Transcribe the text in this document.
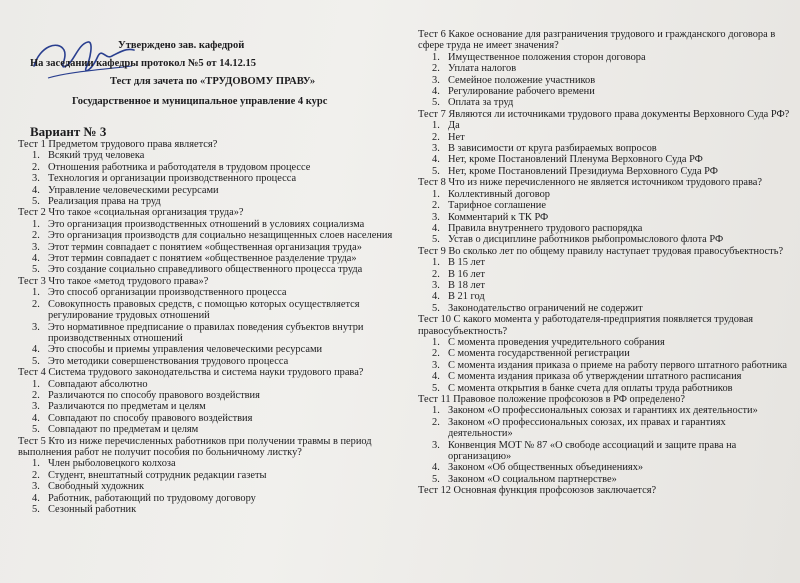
Утверждено зав. кафедрой
На заседании кафедры протокол №5 от 14.12.15
Тест для зачета по «ТРУДОВОМУ ПРАВУ»
Государственное и муниципальное управление 4 курс
Вариант № 3

Тест 1 Предметом трудового права является?

1. Всякий труд человека
2. Отношения работника и работодателя в трудовом процессе
3. Технология и организации производственного процесса
4. Управление человеческими ресурсами
5. Реализация права на труд

Тест 2 Что такое «социальная организация труда»?

1. Это организация производственных отношений в условиях социализма
2. Это организация производств для социально незащищенных слоев населения
3. Этот термин совпадает с понятием «общественная организация труда»
4. Этот термин совпадает с понятием «общественное разделение труда»
5. Это создание социально справедливого общественного процесса труда

Тест 3 Что такое «метод трудового права»?

1. Это способ организации производственного процесса
2. Совокупность правовых средств, с помощью которых осуществляется регулирование трудовых отношений
3. Это нормативное предписание о правилах поведения субъектов внутри производственных отношений
4. Это способы и приемы управления человеческими ресурсами
5. Это методики совершенствования трудового процесса

Тест 4 Система трудового законодательства и система науки трудового права?

1. Совпадают абсолютно
2. Различаются по способу правового воздействия
3. Различаются по предметам и целям
4. Совпадают по способу правового воздействия
5. Совпадают по предметам и целям

Тест 5 Кто из ниже перечисленных работников при получении травмы в период выполнения работ не получит пособия по больничному листку?

1. Член рыболовецкого колхоза
2. Студент, внештатный сотрудник редакции газеты
3. Свободный художник
4. Работник, работающий по трудовому договору
5. Сезонный работник

Тест 6 Какое основание для разграничения трудового и гражданского договора в сфере труда не имеет значения?

1. Имущественное положения сторон договора
2. Уплата налогов
3. Семейное положение участников
4. Регулирование рабочего времени
5. Оплата за труд

Тест 7 Являются ли источниками трудового права документы Верховного Суда РФ?

1. Да
2. Нет
3. В зависимости от круга разбираемых вопросов
4. Нет, кроме Постановлений Пленума Верховного Суда РФ
5. Нет, кроме Постановлений Президиума Верховного Суда РФ

Тест 8 Что из ниже перечисленного не является источником трудового права?

1. Коллективный договор
2. Тарифное соглашение
3. Комментарий к ТК РФ
4. Правила внутреннего трудового распорядка
5. Устав о дисциплине работников рыбопромыслового флота РФ

Тест 9 Во сколько лет по общему правилу наступает трудовая правосубъектность?

1. В 15 лет
2. В 16 лет
3. В 18 лет
4. В 21 год
5. Законодательство ограничений не содержит

Тест 10 С какого момента у работодателя-предприятия появляется трудовая правосубъектность?

1. С момента проведения учредительного собрания
2. С момента государственной регистрации
3. С момента издания приказа о приеме на работу первого штатного работника
4. С момента издания приказа об утверждении штатного расписания
5. С момента открытия в банке счета для оплаты труда работников

Тест 11 Правовое положение профсоюзов в РФ определено?

1. Законом «О профессиональных союзах и гарантиях их деятельности»
2. Законом «О профессиональных союзах, их правах и гарантиях деятельности»
3. Конвенция МОТ № 87 «О свободе ассоциаций и защите права на организацию»
4. Законом «Об общественных объединениях»
5. Законом «О социальном партнерстве»

Тест 12 Основная функция профсоюзов заключается?
